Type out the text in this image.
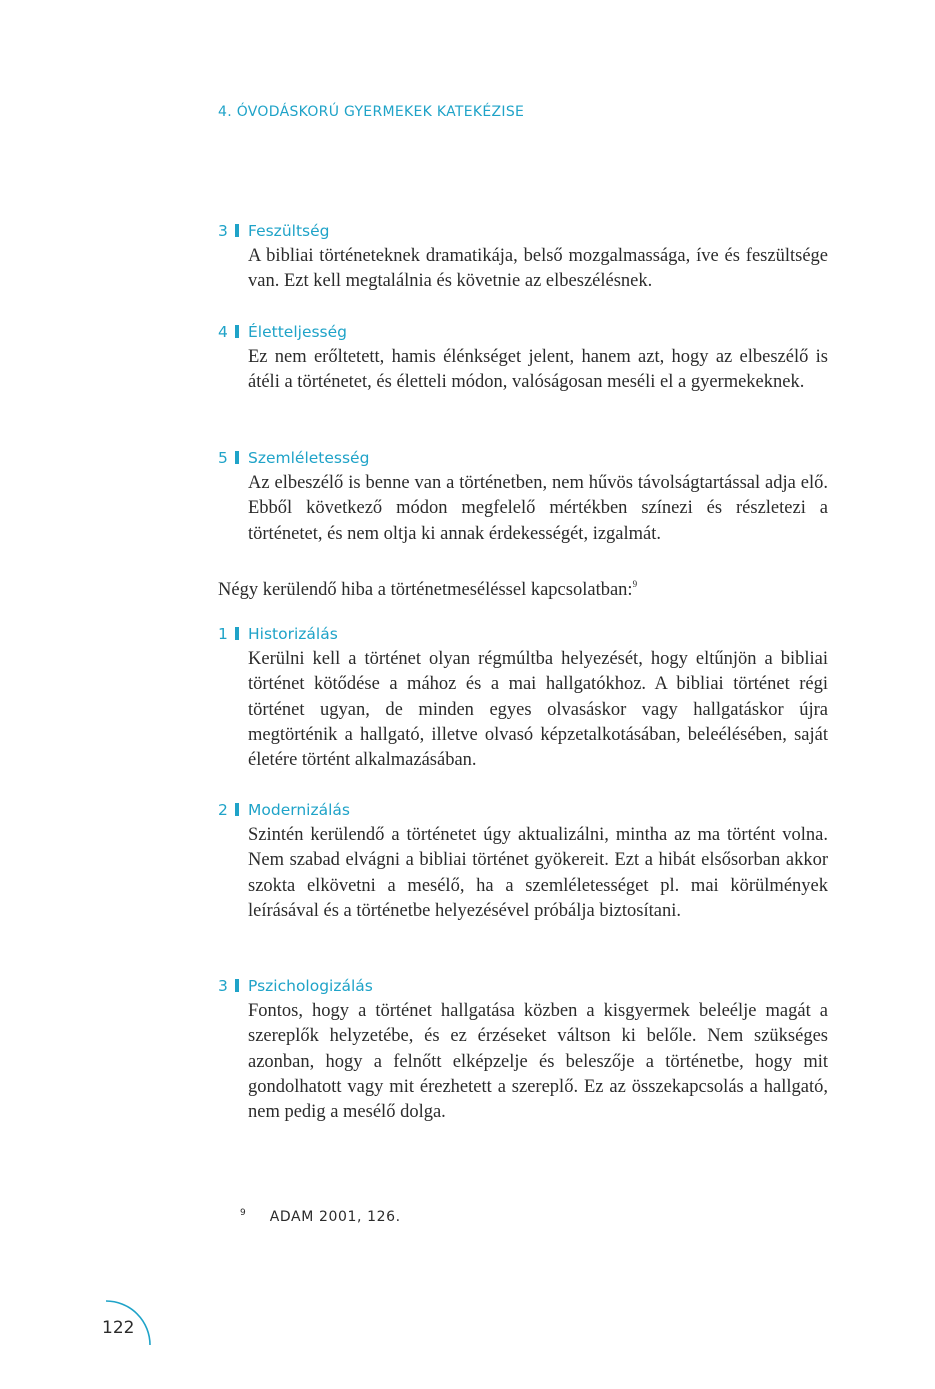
4. ÓVODÁSKORÚ GYERMEKEK KATEKÉZISE
3 Feszültség
A bibliai történeteknek dramatikája, belső mozgalmassága, íve és feszültsége van. Ezt kell megtalálnia és követnie az elbeszélésnek.
4 Életteljesség
Ez nem erőltetett, hamis élénkséget jelent, hanem azt, hogy az elbeszélő is átéli a történetet, és életteli módon, valóságosan meséli el a gyermekeknek.
5 Szemléletesség
Az elbeszélő is benne van a történetben, nem hűvös távolságtartással adja elő. Ebből következő módon megfelelő mértékben színezi és részletezi a történetet, és nem oltja ki annak érdekességét, izgalmát.
Négy kerülendő hiba a történetmeséléssel kapcsolatban:$^9$
1 Historizálás
Kerülni kell a történet olyan régmúltba helyezését, hogy eltűnjön a bibliai történet kötődése a mához és a mai hallgatókhoz. A bibliai történet régi történet ugyan, de minden egyes olvasáskor vagy hallgatáskor újra megtörténik a hallgató, illetve olvasó képzetalkotásában, beleélésében, saját életére történt alkalmazásában.
2 Modernizálás
Szintén kerülendő a történetet úgy aktualizálni, mintha az ma történt volna. Nem szabad elvágni a bibliai történet gyökereit. Ezt a hibát elsősorban akkor szokta elkövetni a mesélő, ha a szemléletességet pl. mai körülmények leírásával és a történetbe helyezésével próbálja biztosítani.
3 Pszichologizálás
Fontos, hogy a történet hallgatása közben a kisgyermek beleélje magát a szereplők helyzetébe, és ez érzéseket váltson ki belőle. Nem szükséges azonban, hogy a felnőtt elképzelje és beleszője a történetbe, hogy mit gondolhatott vagy mit érezhetett a szereplő. Ez az összekapcsolás a hallgató, nem pedig a mesélő dolga.
$^9$ ADAM 2001, 126.
122
